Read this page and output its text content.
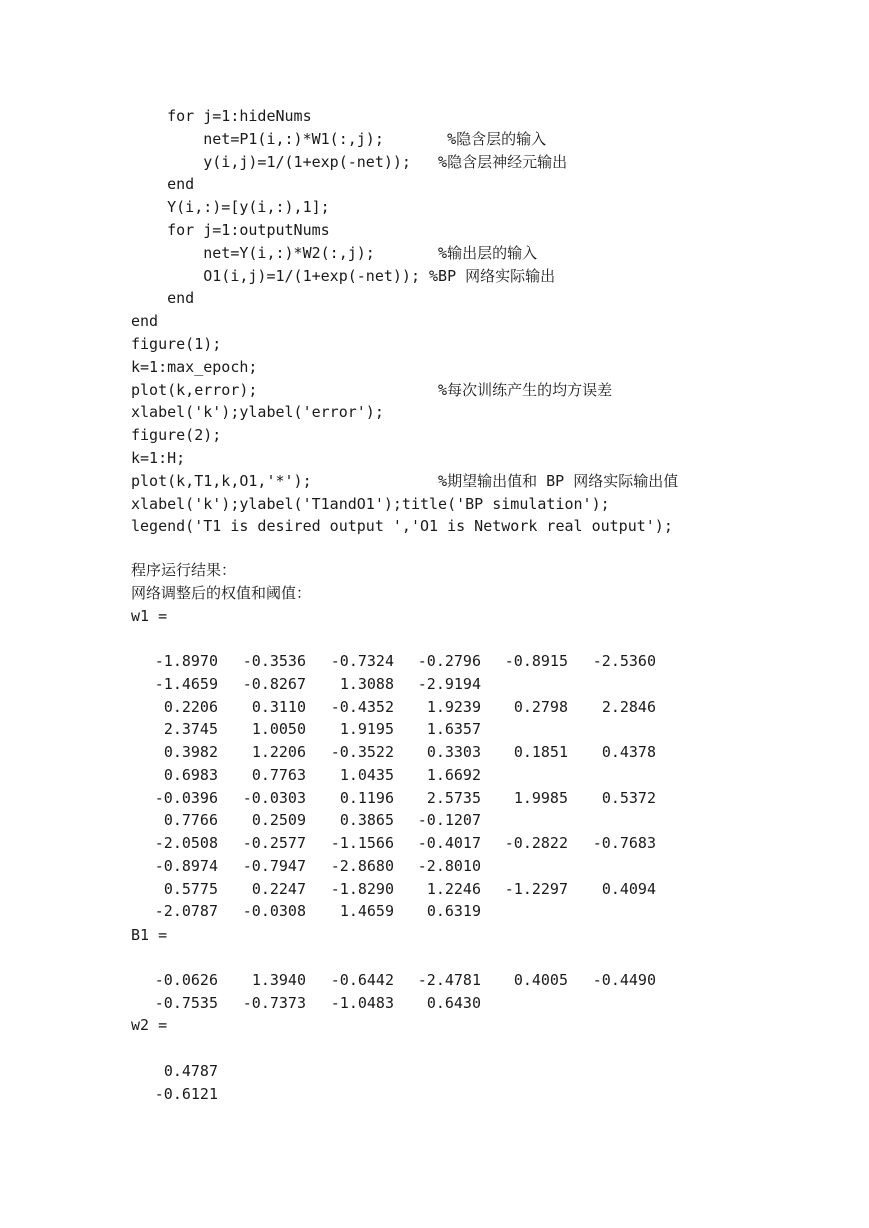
for j=1:hideNums
net=P1(i,:)*W1(:,j);       %隐含层的输入
y(i,j)=1/(1+exp(-net));   %隐含层神经元输出
end
Y(i,:)=[y(i,:),1];
for j=1:outputNums
net=Y(i,:)*W2(:,j);       %输出层的输入
O1(i,j)=1/(1+exp(-net)); %BP 网络实际输出
end
end
figure(1);
k=1:max_epoch;
plot(k,error);                    %每次训练产生的均方误差
xlabel('k');ylabel('error');
figure(2);
k=1:H;
plot(k,T1,k,O1,'*');              %期望输出值和 BP 网络实际输出值
xlabel('k');ylabel('T1andO1');title('BP simulation');
legend('T1 is desired output ','O1 is Network real output');
程序运行结果：
网络调整后的权值和阈值：
w1 =
-1.8970	-0.3536	-0.7324	-0.2796	-0.8915	-2.5360
-1.4659	-0.8267	1.3088	-2.9194
0.2206	0.3110	-0.4352	1.9239	0.2798	2.2846
2.3745	1.0050	1.9195	1.6357
0.3982	1.2206	-0.3522	0.3303	0.1851	0.4378
0.6983	0.7763	1.0435	1.6692
-0.0396	-0.0303	0.1196	2.5735	1.9985	0.5372
0.7766	0.2509	0.3865	-0.1207
-2.0508	-0.2577	-1.1566	-0.4017	-0.2822	-0.7683
-0.8974	-0.7947	-2.8680	-2.8010
0.5775	0.2247	-1.8290	1.2246	-1.2297	0.4094
-2.0787	-0.0308	1.4659	0.6319
B1 =
-0.0626	1.3940	-0.6442	-2.4781	0.4005	-0.4490
-0.7535	-0.7373	-1.0483	0.6430
w2 =
0.4787
-0.6121
